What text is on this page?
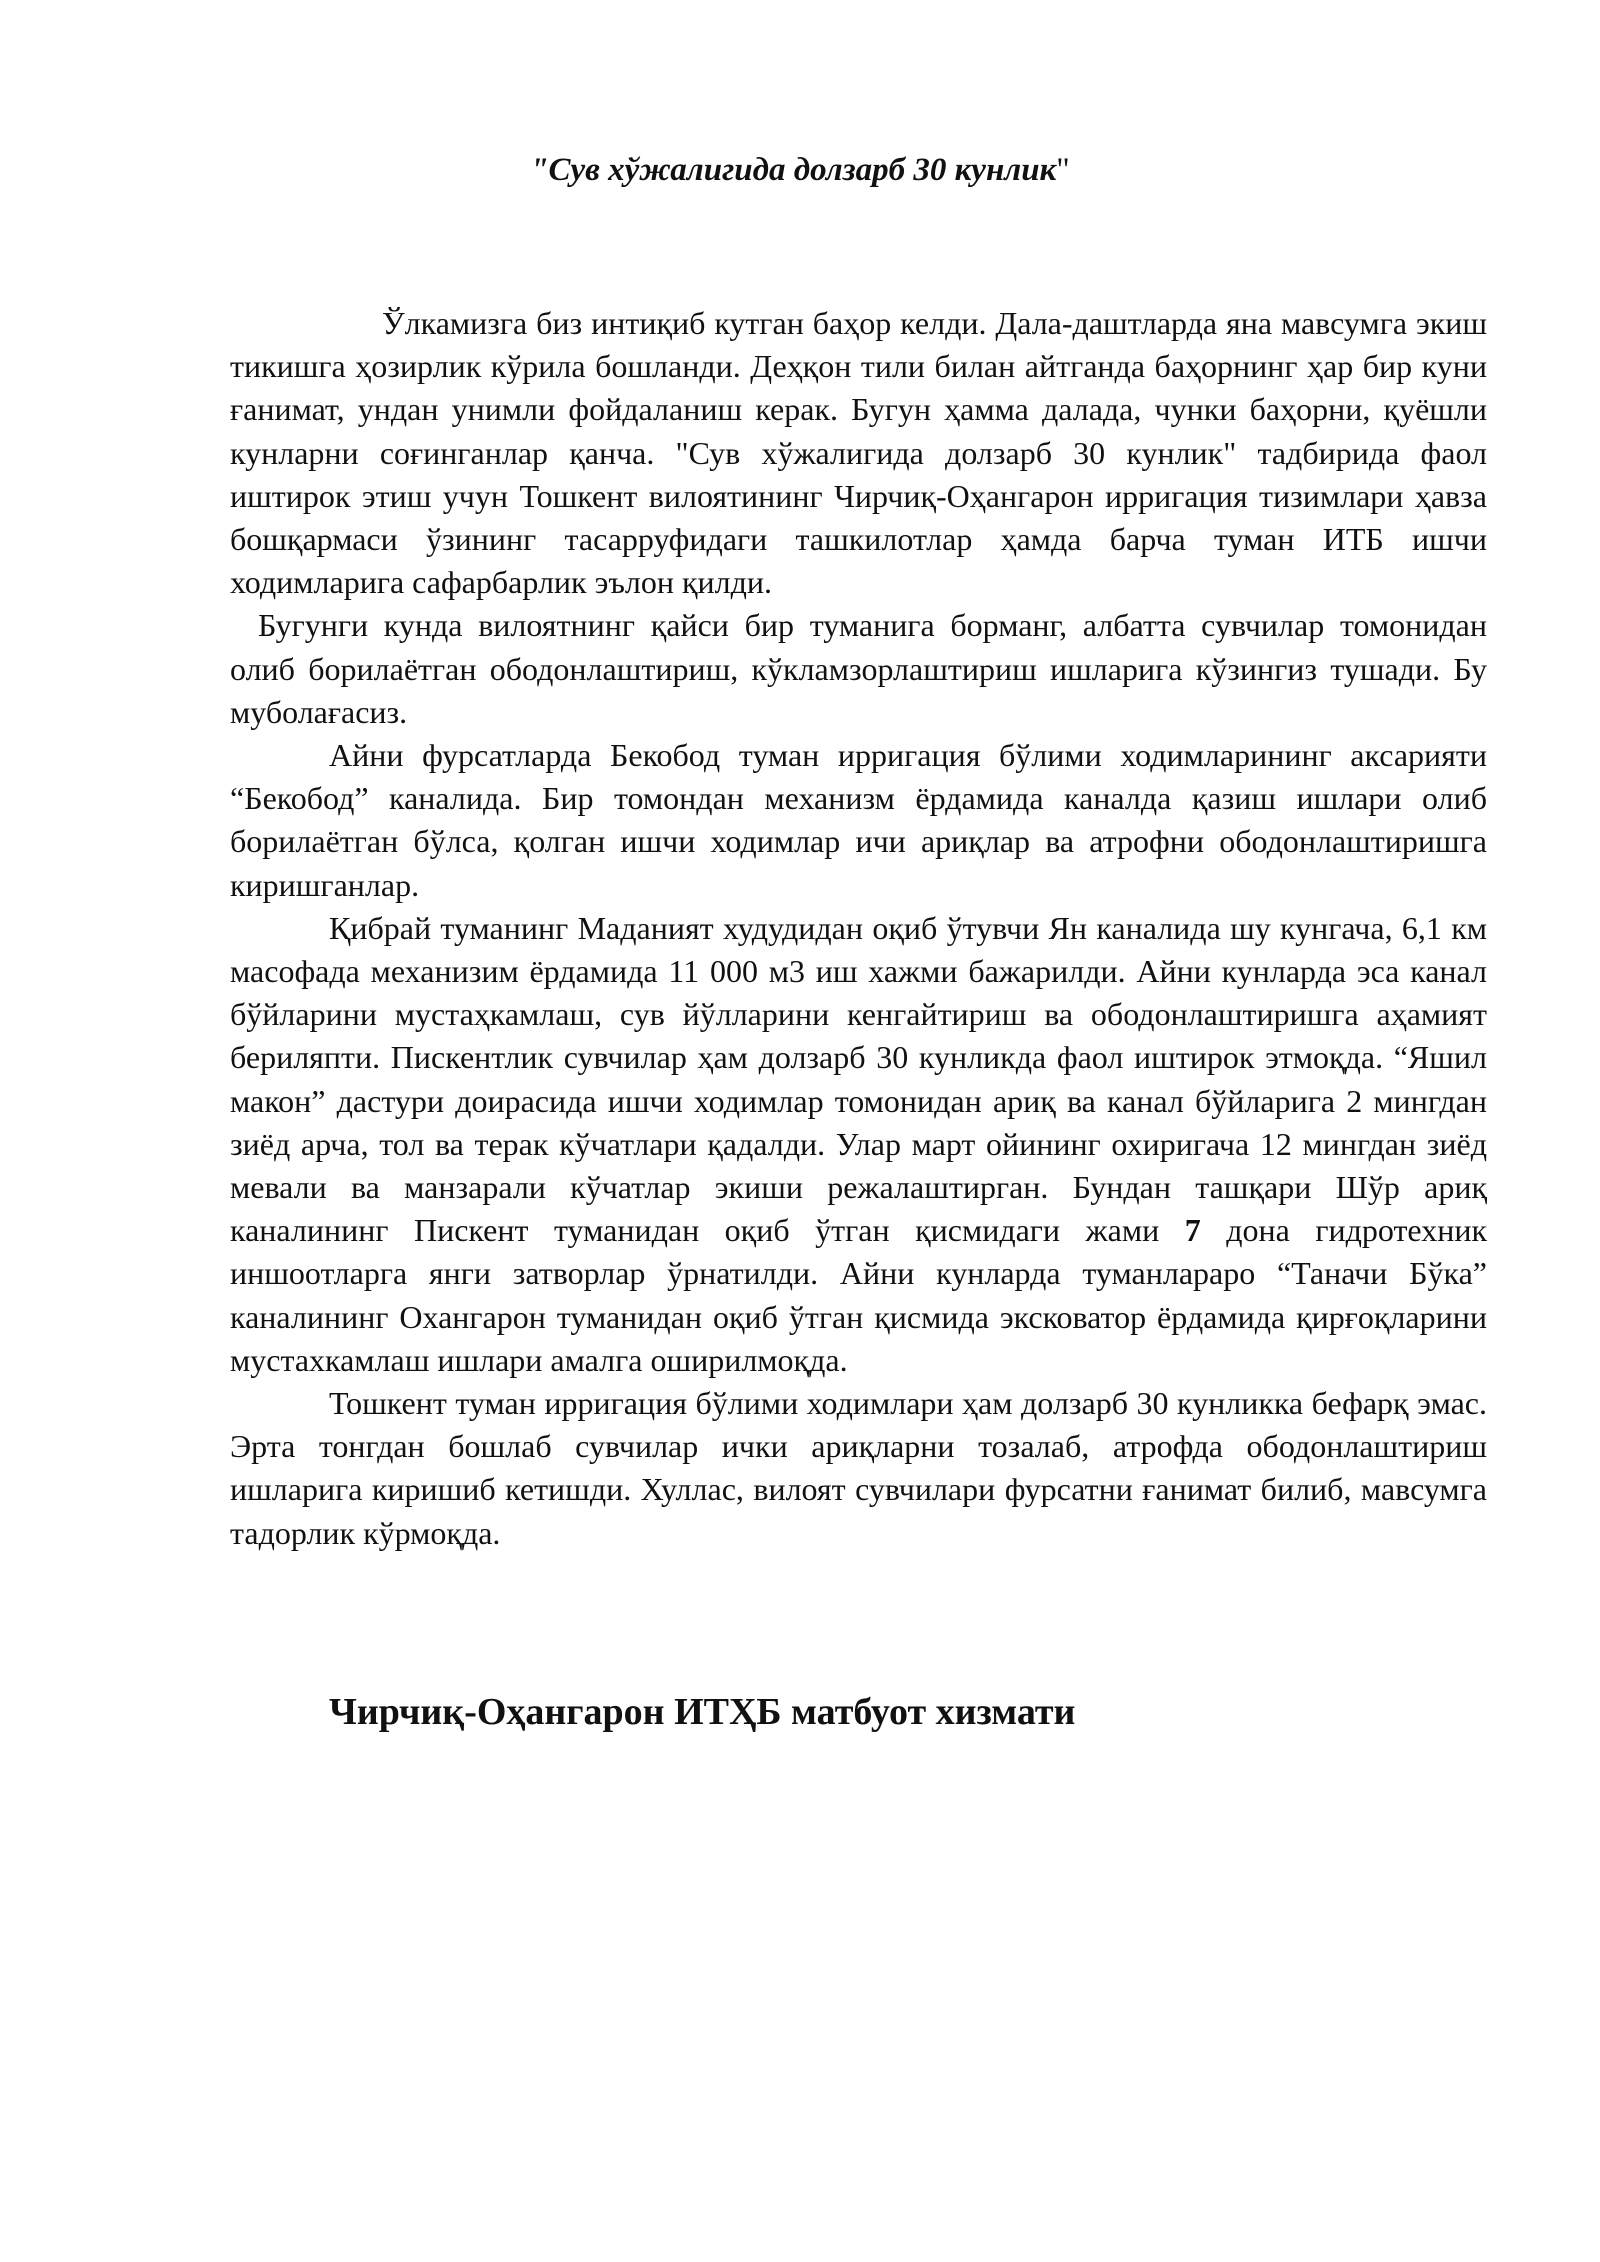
"Сув хўжалигида долзарб 30 кунлик"

Ўлкамизга биз интиқиб кутган баҳор келди. Дала-даштларда яна мавсумга экиш тикишга ҳозирлик кўрила бошланди. Деҳқон тили билан айтганда баҳорнинг ҳар бир куни ғанимат, ундан унимли фойдаланиш керак. Бугун ҳамма далада, чунки баҳорни, қуёшли кунларни соғинганлар қанча. "Сув хўжалигида долзарб 30 кунлик" тадбирида фаол иштирок этиш учун Тошкент вилоятининг Чирчиқ-Оҳангарон ирригация тизимлари ҳавза бошқармаси ўзининг тасарруфидаги ташкилотлар ҳамда барча туман ИТБ ишчи ходимларига сафарбарлик эълон қилди.

Бугунги кунда вилоятнинг қайси бир туманига борманг, албатта сувчилар томонидан олиб борилаётган ободонлаштириш, кўкламзорлаштириш ишларига кўзингиз тушади. Бу муболағасиз.

Айни фурсатларда Бекобод туман ирригация бўлими ходимларининг аксарияти “Бекобод” каналида. Бир томондан механизм ёрдамида каналда қазиш ишлари олиб борилаётган бўлса, қолган ишчи ходимлар ичи ариқлар ва атрофни ободонлаштиришга киришганлар.

Қибрай туманинг Маданият худудидан оқиб ўтувчи Ян каналида шу кунгача, 6,1 км масофада механизим ёрдамида 11 000 м3 иш хажми бажарилди. Айни кунларда эса канал бўйларини мустаҳкамлаш, сув йўлларини кенгайтириш ва ободонлаштиришга аҳамият бериляпти. Пискентлик сувчилар ҳам долзарб 30 кунликда фаол иштирок этмоқда. “Яшил макон” дастури доирасида ишчи ходимлар томонидан ариқ ва канал бўйларига 2 мингдан зиёд арча, тол ва терак кўчатлари қадалди. Улар март ойининг охиригача 12 мингдан зиёд мевали ва манзарали кўчатлар экиши режалаштирган. Бундан ташқари Шўр ариқ каналининг Пискент туманидан оқиб ўтган қисмидаги жами 7 дона гидротехник иншоотларга янги затворлар ўрнатилди. Айни кунларда туманлараро “Таначи Бўка” каналининг Охангарон туманидан оқиб ўтган қисмида эксковатор ёрдамида қирғоқларини мустахкамлаш ишлари амалга оширилмоқда.

Тошкент туман ирригация бўлими ходимлари ҳам долзарб 30 кунликка бефарқ эмас. Эрта тонгдан бошлаб сувчилар ички ариқларни тозалаб, атрофда ободонлаштириш ишларига киришиб кетишди. Хуллас, вилоят сувчилари фурсатни ғанимат билиб, мавсумга тадорлик кўрмоқда.

Чирчиқ-Оҳангарон ИТҲБ матбуот хизмати
